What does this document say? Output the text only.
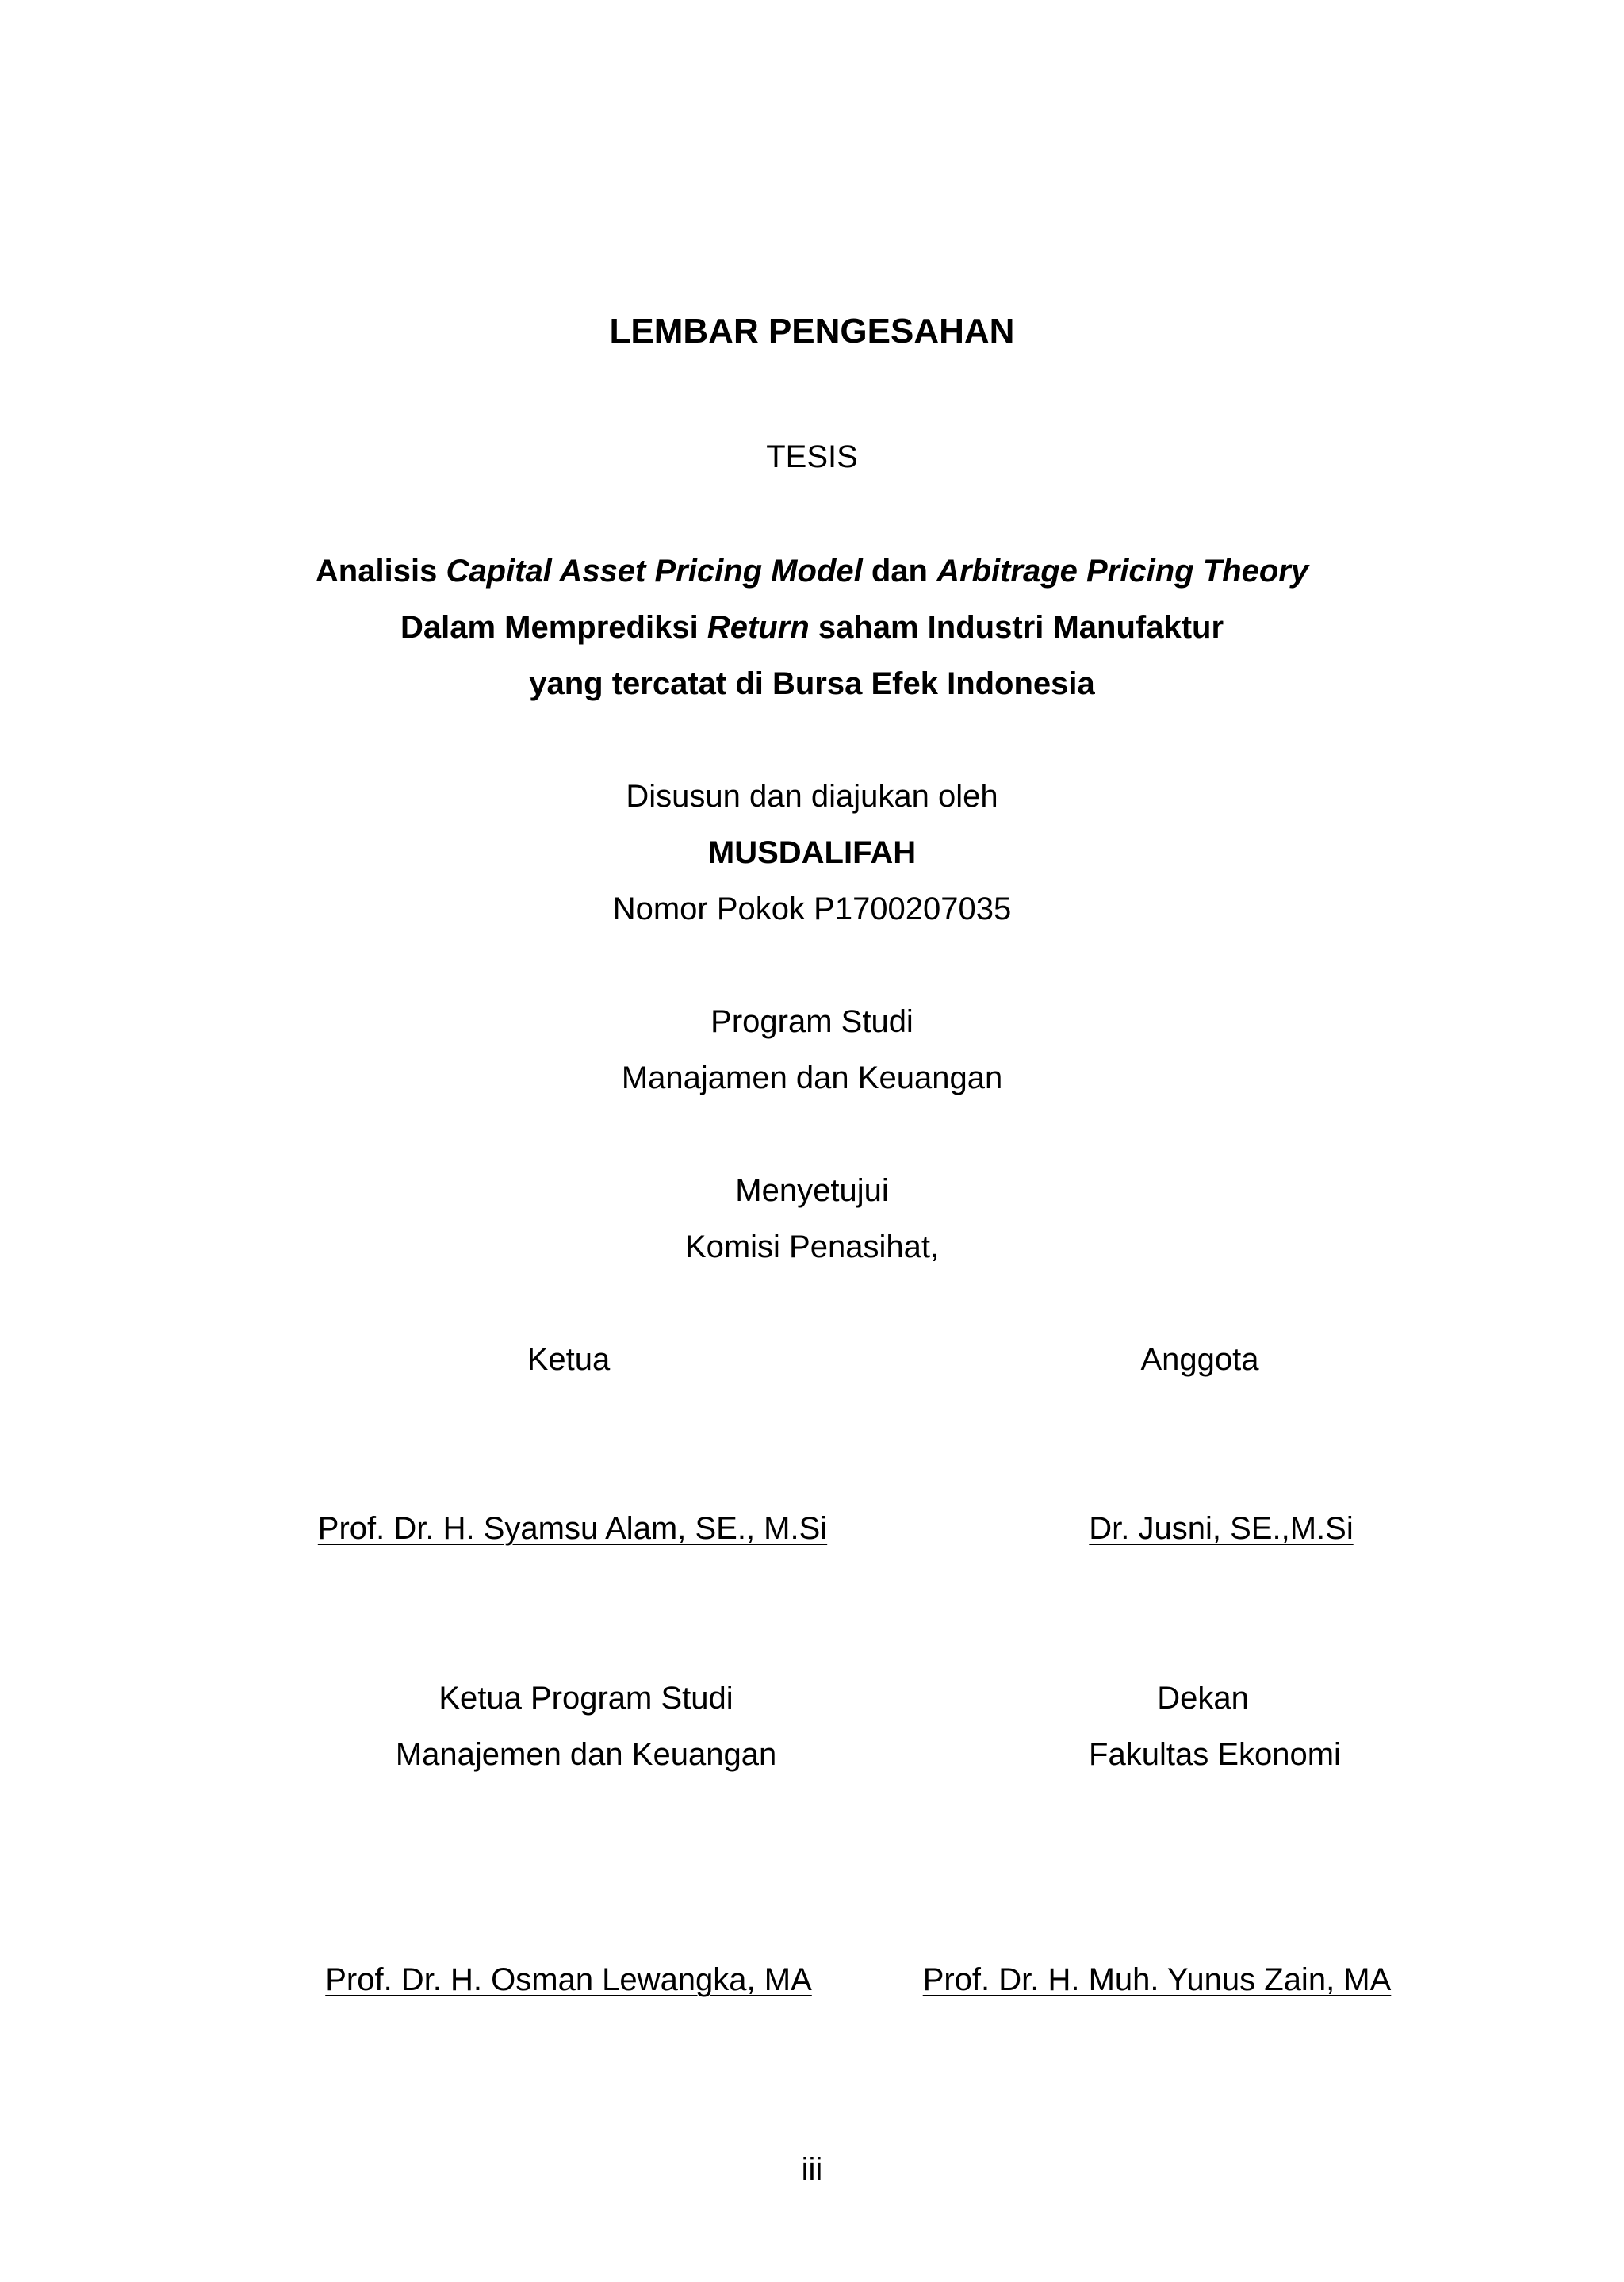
LEMBAR PENGESAHAN
TESIS
Analisis Capital Asset Pricing Model dan Arbitrage Pricing Theory
Dalam Memprediksi Return saham Industri Manufaktur
yang tercatat di Bursa Efek Indonesia
Disusun dan diajukan oleh
MUSDALIFAH
Nomor Pokok P1700207035
Program Studi
Manajamen dan Keuangan
Menyetujui
Komisi Penasihat,
Ketua	Anggota
Prof. Dr. H. Syamsu Alam, SE., M.Si	Dr. Jusni, SE.,M.Si
Ketua Program Studi
Manajemen dan Keuangan
Dekan
Fakultas Ekonomi
Prof. Dr. H. Osman Lewangka, MA	Prof. Dr. H. Muh. Yunus Zain, MA
iii
